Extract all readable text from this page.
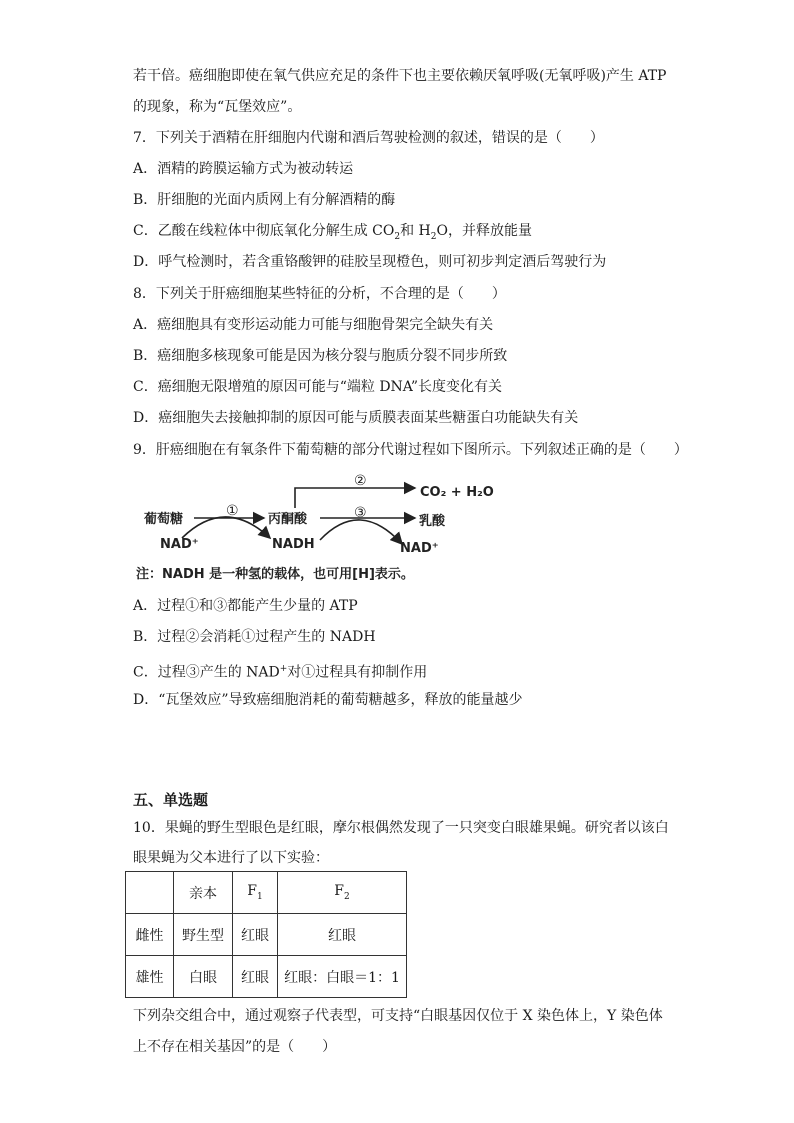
若干倍。癌细胞即使在氧气供应充足的条件下也主要依赖厌氧呼吸(无氧呼吸)产生 ATP
的现象，称为“瓦堡效应”。
7．下列关于酒精在肝细胞内代谢和酒后驾驶检测的叙述，错误的是（　　）
A．酒精的跨膜运输方式为被动转运
B．肝细胞的光面内质网上有分解酒精的酶
C．乙酸在线粒体中彻底氧化分解生成 $CO_2$和 $H_2O$，并释放能量
D．呼气检测时，若含重铬酸钾的硅胶呈现橙色，则可初步判定酒后驾驶行为
8．下列关于肝癌细胞某些特征的分析，不合理的是（　　）
A．癌细胞具有变形运动能力可能与细胞骨架完全缺失有关
B．癌细胞多核现象可能是因为核分裂与胞质分裂不同步所致
C．癌细胞无限增殖的原因可能与“端粒 DNA”长度变化有关
D．癌细胞失去接触抑制的原因可能与质膜表面某些糖蛋白功能缺失有关
9．肝癌细胞在有氧条件下葡萄糖的部分代谢过程如下图所示。下列叙述正确的是（　　）
葡萄糖	丙酮酸	乳酸
CO₂ + H₂O
NAD⁺	NADH	NAD⁺
①
②
③
注：NADH 是一种氢的载体，也可用[H]表示。
A．过程①和③都能产生少量的 ATP
B．过程②会消耗①过程产生的 NADH
C．过程③产生的 NAD+对①过程具有抑制作用
D．“瓦堡效应”导致癌细胞消耗的葡萄糖越多，释放的能量越少
五、单选题
10．果蝇的野生型眼色是红眼，摩尔根偶然发现了一只突变白眼雄果蝇。研究者以该白
眼果蝇为父本进行了以下实验：
	亲本	$F_1$	$F_2$
雌性	野生型	红眼	红眼
雄性	白眼	红眼	红眼：白眼＝1：1
下列杂交组合中，通过观察子代表型，可支持“白眼基因仅位于 X 染色体上，Y 染色体
上不存在相关基因”的是（　　）
